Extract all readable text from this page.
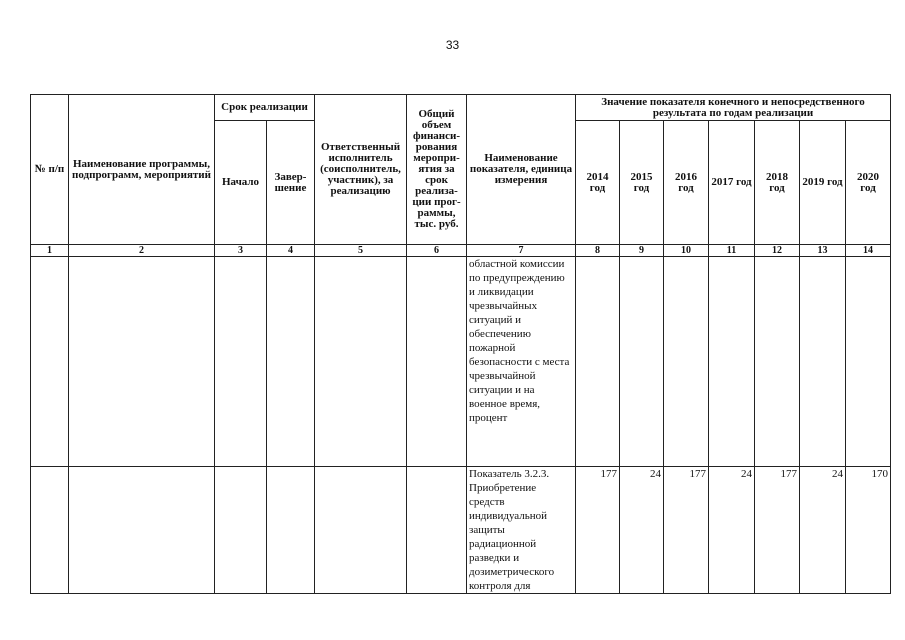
33
№ п/п	Наименование программы, подпрограмм, мероприятий	Срок реализации		Ответственный исполнитель (соисполнитель, участник), за реализацию	Общий объем финанси-рования меропри-ятия за срок реализа-ции прог-раммы, тыс. руб.	Наименование показателя, единица измерения	Значение показателя конечного и непосредственного результата по годам реализации						
		Начало	Завер-шение				2014 год	2015 год	2016 год	2017 год	2018 год	2019 год	2020 год
1	2	3	4	5	6	7	8	9	10	11	12	13	14
						областной комиссии по предупреждению и ликвидации чрезвычайных ситуаций и обеспечению пожарной безопасности с места чрезвычайной ситуации и на военное время, процент							
						Показатель 3.2.3. Приобретение средств индивидуальной защиты радиационной разведки и дозиметрического контроля для	177	24	177	24	177	24	170
